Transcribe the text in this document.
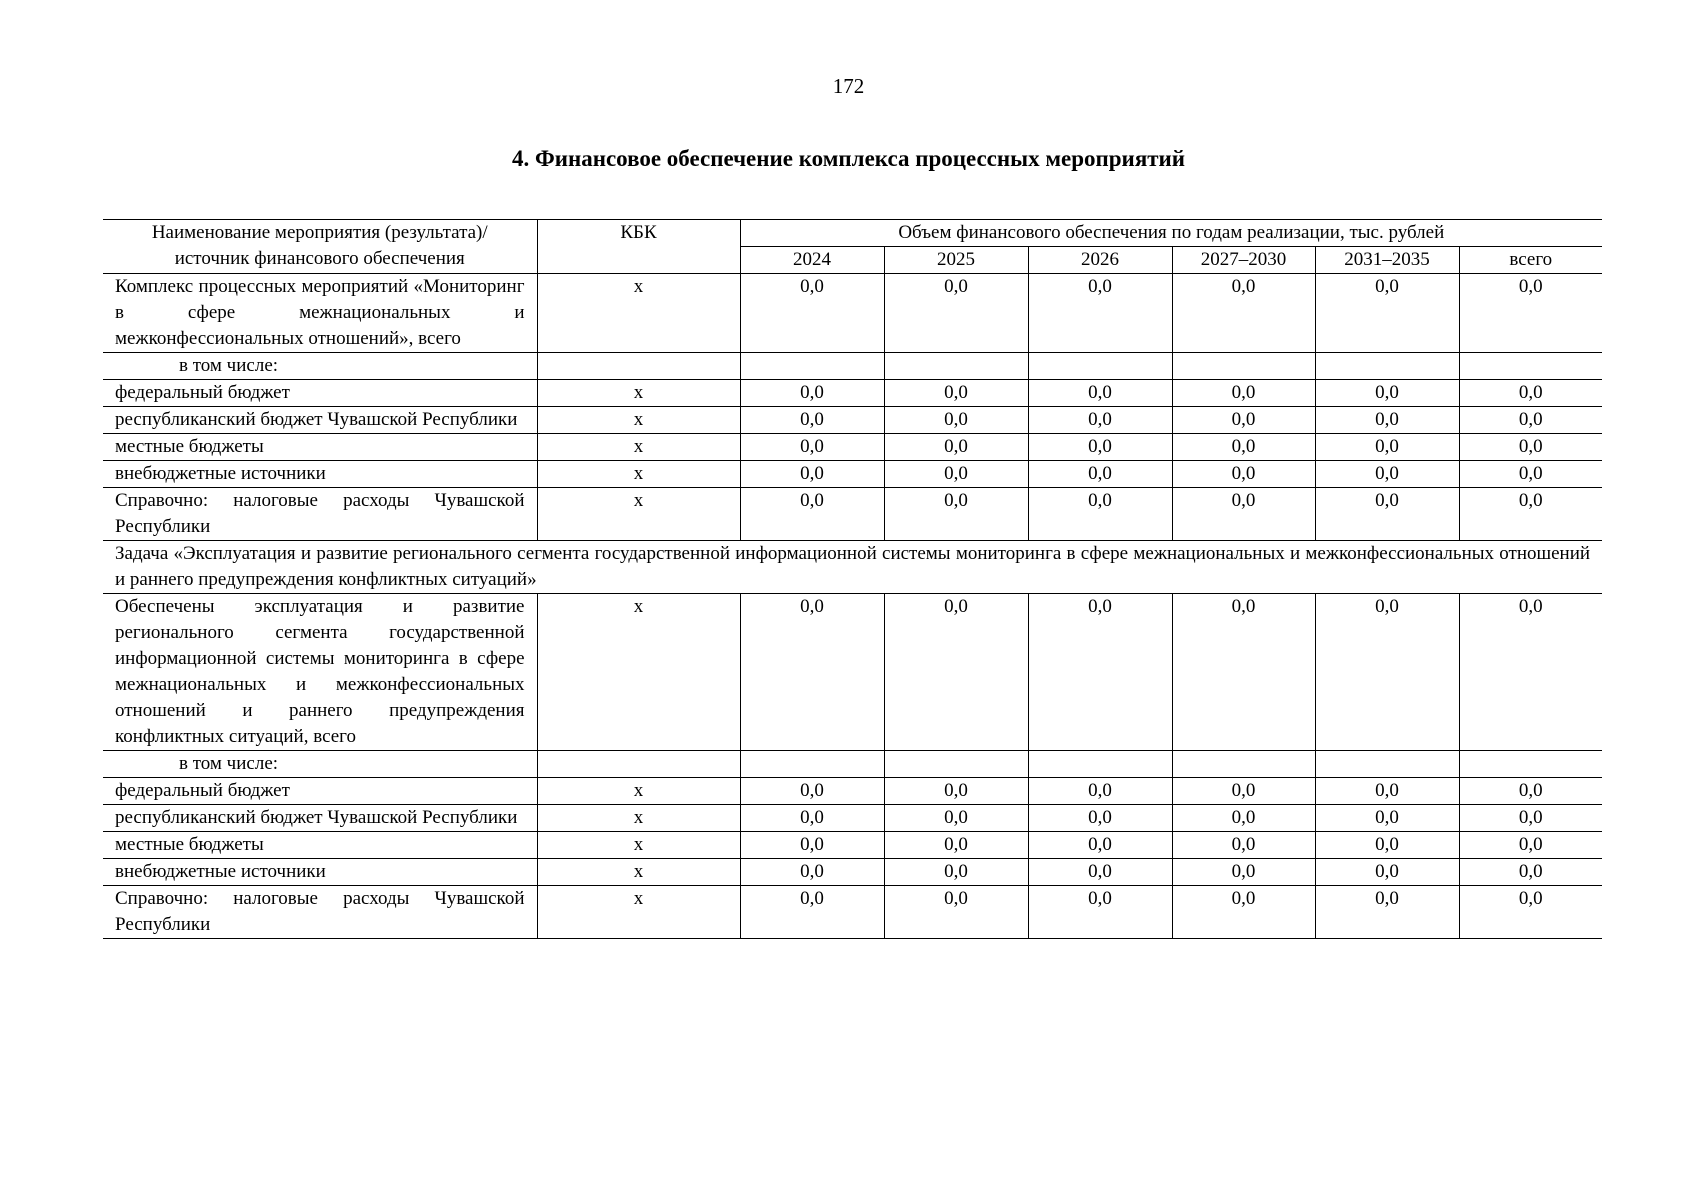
172
4. Финансовое обеспечение комплекса процессных мероприятий
Наименование мероприятия (результата)/ источник финансового обеспечения	КБК	Объем финансового обеспечения по годам реализации, тыс. рублей					
		2024	2025	2026	2027–2030	2031–2035	всего
Комплекс процессных мероприятий «Мониторинг в сфере межнациональных и межконфессиональных отношений», всего	х	0,0	0,0	0,0	0,0	0,0	0,0
в том числе:							
федеральный бюджет	х	0,0	0,0	0,0	0,0	0,0	0,0
республиканский бюджет Чувашской Республики	х	0,0	0,0	0,0	0,0	0,0	0,0
местные бюджеты	х	0,0	0,0	0,0	0,0	0,0	0,0
внебюджетные источники	х	0,0	0,0	0,0	0,0	0,0	0,0
Справочно: налоговые расходы Чувашской Республики	х	0,0	0,0	0,0	0,0	0,0	0,0
Задача «Эксплуатация и развитие регионального сегмента государственной информационной системы мониторинга в сфере межнациональных и межконфессиональных отношений и раннего предупреждения конфликтных ситуаций»							
Обеспечены эксплуатация и развитие регионального сегмента государственной информационной системы мониторинга в сфере межнациональных и межконфессиональных отношений и раннего предупреждения конфликтных ситуаций, всего	х	0,0	0,0	0,0	0,0	0,0	0,0
в том числе:							
федеральный бюджет	х	0,0	0,0	0,0	0,0	0,0	0,0
республиканский бюджет Чувашской Республики	х	0,0	0,0	0,0	0,0	0,0	0,0
местные бюджеты	х	0,0	0,0	0,0	0,0	0,0	0,0
внебюджетные источники	х	0,0	0,0	0,0	0,0	0,0	0,0
Справочно: налоговые расходы Чувашской Республики	х	0,0	0,0	0,0	0,0	0,0	0,0
